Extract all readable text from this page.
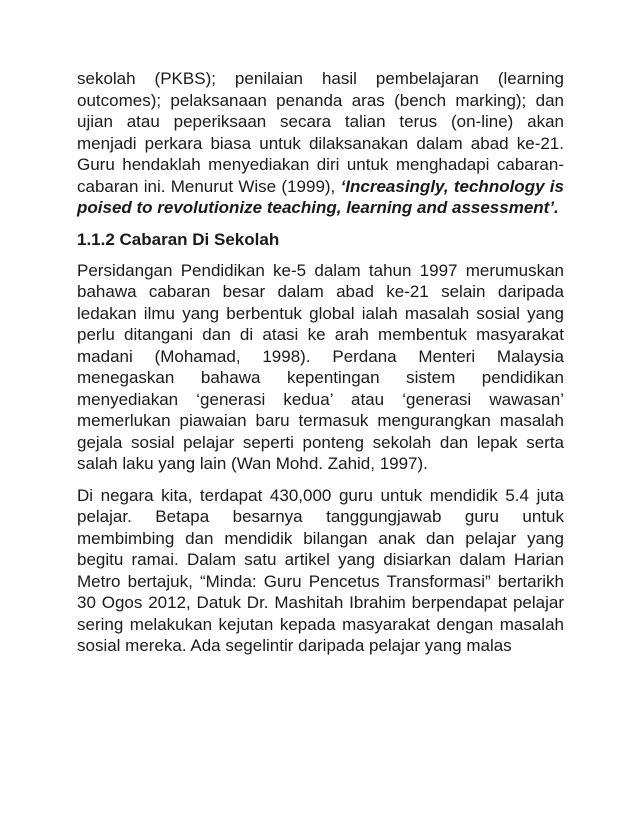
sekolah (PKBS); penilaian hasil pembelajaran (learning outcomes); pelaksanaan penanda aras (bench marking); dan ujian atau peperiksaan secara talian terus (on-line) akan menjadi perkara biasa untuk dilaksanakan dalam abad ke-21. Guru hendaklah menyediakan diri untuk menghadapi cabaran-cabaran ini. Menurut Wise (1999), ‘Increasingly, technology is poised to revolutionize teaching, learning and assessment’.

1.1.2 Cabaran Di Sekolah

Persidangan Pendidikan ke-5 dalam tahun 1997 merumuskan bahawa cabaran besar dalam abad ke-21 selain daripada ledakan ilmu yang berbentuk global ialah masalah sosial yang perlu ditangani dan di atasi ke arah membentuk masyarakat madani (Mohamad, 1998). Perdana Menteri Malaysia menegaskan bahawa kepentingan sistem pendidikan menyediakan ‘generasi kedua’ atau ‘generasi wawasan’ memerlukan piawaian baru termasuk mengurangkan masalah gejala sosial pelajar seperti ponteng sekolah dan lepak serta salah laku yang lain (Wan Mohd. Zahid, 1997).

Di negara kita, terdapat 430,000 guru untuk mendidik 5.4 juta pelajar. Betapa besarnya tanggungjawab guru untuk membimbing dan mendidik bilangan anak dan pelajar yang begitu ramai. Dalam satu artikel yang disiarkan dalam Harian Metro bertajuk, “Minda: Guru Pencetus Transformasi” bertarikh 30 Ogos 2012, Datuk Dr. Mashitah Ibrahim berpendapat pelajar sering melakukan kejutan kepada masyarakat dengan masalah sosial mereka. Ada segelintir daripada pelajar yang malas
